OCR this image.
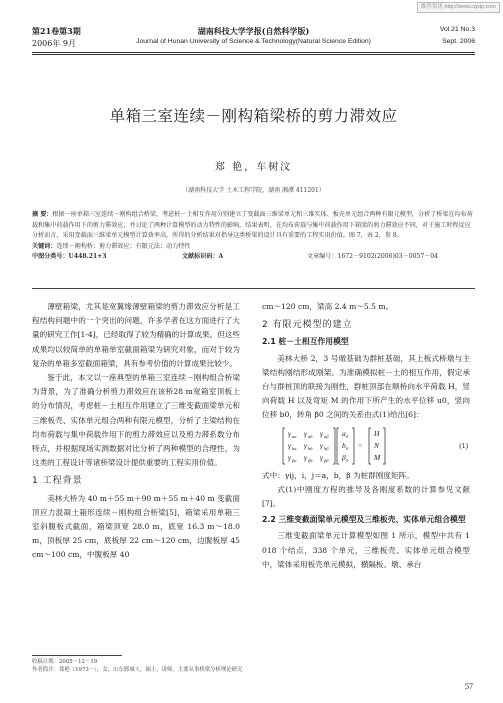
维普资讯 http://www.cqvip.com
第21卷第3期	湖南科技大学学报(自然科学版)	Vol.21 No.3
2006年 9月	Journal of Hunan University of Science & Technology(Natural Science Edition)	Sept. 2006
单箱三室连续－刚构箱梁桥的剪力滞效应
郑 艳，车树汶
（湖南科技大学 土木工程学院，湖南 湘潭 411201）
摘 要：根据一座单箱三室连续－刚构组合桥梁，考虑桩－土相互作用分别建立了变截面三维梁单元和三维实体、板壳单元组合两种有限元模型，分析了桥梁在均布荷载和集中荷载作用下的剪力滞效应，并讨论了两种计算模型的动力特性的影响。结果表明，在均布荷载与集中荷载作用下箱梁的剪力滞效应不同，对于施工时程反应分析而言，采用变截面三维梁单元模型计算效率高，所得的分析结果对指导这类桥梁的设计具有重要的工程实用价值。图 7，表 2，参 8。
关键词：连续－刚构桥；剪力滞效应；有限元法；动力特性
中图分类号：U448.21+3	文献标识码：A	文章编号：1672－9102(2006)03－0057－04

薄壁箱梁，尤其是宽翼缘薄壁箱梁的剪力滞效应分析是工程结构问题中的一个突出的问题，许多学者在这方面进行了大量的研究工作[1-4]，已经取得了较为精确的计算成果。但这些成果均以较简单的单箱单室截面箱梁为研究对象，而对于较为复杂的单箱多室截面箱梁，具有参考价值的计算成果比较少。

鉴于此，本文以一座典型的单箱三室连续－刚构组合桥梁为背景，为了准确分析剪力滞效应在该桥28 m宽箱室顶板上的分布情况，考虑桩－土相互作用建立了三维变截面梁单元和三维板壳、实体单元组合两种有限元模型，分析了主梁结构在均布荷载与集中荷载作用下的剪力滞效应以及剪力滞系数分布特点，并根据现场实测数据对比分析了两种模型的合理性，为这类的工程设计等诸桥梁设计提供重要的工程实用价值。

1 工程背景

美林大桥为 40 m＋55 m＋90 m＋55 m＋40 m 变截面顶应力混凝土箱形连续－刚构组合桥梁[5]，箱梁采用单箱三室斜腹板式截面，箱梁顶宽 28.0 m，底宽 16.3 m～18.0 m，顶板厚 25 cm，底板厚 22 cm～120 cm，边腹板厚 45 cm～100 cm，中腹板厚 40

cm～120 cm，梁高 2.4 m～5.5 m。

2 有限元模型的建立

2.1 桩－土相互作用模型

美林大桥 2，3 号墩基础为群桩基础，其上板式桥墩与主梁结构刚结形成刚架。为准确模拟桩－土的相互作用，假定承台与群桩顶的联接为刚性，群桩顶部在顺桥向水平荷载 H，竖向荷载 H 以及弯矩 M 的作用下所产生的水平位移 u0，竖向位移 b0，转角 β0 之间的关系由式(1)给出[6]：

γ aa γ ab γ aβ
γ ba γ bb γ bβ
γ βa γ βb γ ββ
a 0
b 0
β 0
=
H
N
M
(1)

式中：γij，i，j＝a，b，β 为桩群刚度矩阵。

式(1)中刚度方程的推导及各刚度系数的计算参见文献[7]。

2.2 三维变截面梁单元模型及三维板壳、实体单元组合模型

三维变截面梁单元计算模型如图 1 所示，模型中共有 1 018 个结点，338 个单元，三维板壳、实体单元组合模型中，梁体采用板壳单元模拟，横隔板、墩、承台

收稿日期：2005－12－19
作者简介：郑艳（1973－），女，山东郓城人，硕士，讲师，主要从事桥梁分析理论研究
57
